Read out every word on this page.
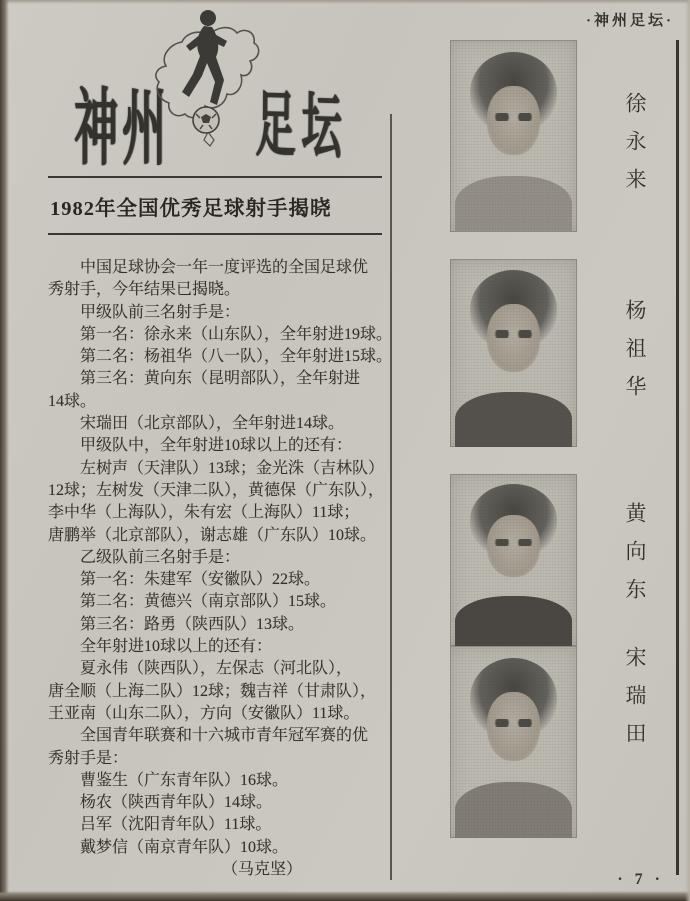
·神州足坛·
神州 足坛
1982年全国优秀足球射手揭晓
中国足球协会一年一度评选的全国足球优
秀射手，今年结果已揭晓。
甲级队前三名射手是：
第一名：徐永来（山东队），全年射进19球。
第二名：杨祖华（八一队），全年射进15球。
第三名：黄向东（昆明部队），全年射进
14球。
宋瑞田（北京部队），全年射进14球。
甲级队中，全年射进10球以上的还有：
左树声（天津队）13球；金光洙（吉林队）
12球；左树发（天津二队），黄德保（广东队），
李中华（上海队），朱有宏（上海队）11球；
唐鹏举（北京部队），谢志雄（广东队）10球。
乙级队前三名射手是：
第一名：朱建军（安徽队）22球。
第二名：黄德兴（南京部队）15球。
第三名：路勇（陕西队）13球。
全年射进10球以上的还有：
夏永伟（陕西队），左保志（河北队），
唐全顺（上海二队）12球；魏吉祥（甘肃队），
王亚南（山东二队），方向（安徽队）11球。
全国青年联赛和十六城市青年冠军赛的优
秀射手是：
曹鉴生（广东青年队）16球。
杨农（陕西青年队）14球。
吕军（沈阳青年队）11球。
戴梦信（南京青年队）10球。
（马克坚）
徐永来
杨祖华
黄向东
宋瑞田
· 7 ·
